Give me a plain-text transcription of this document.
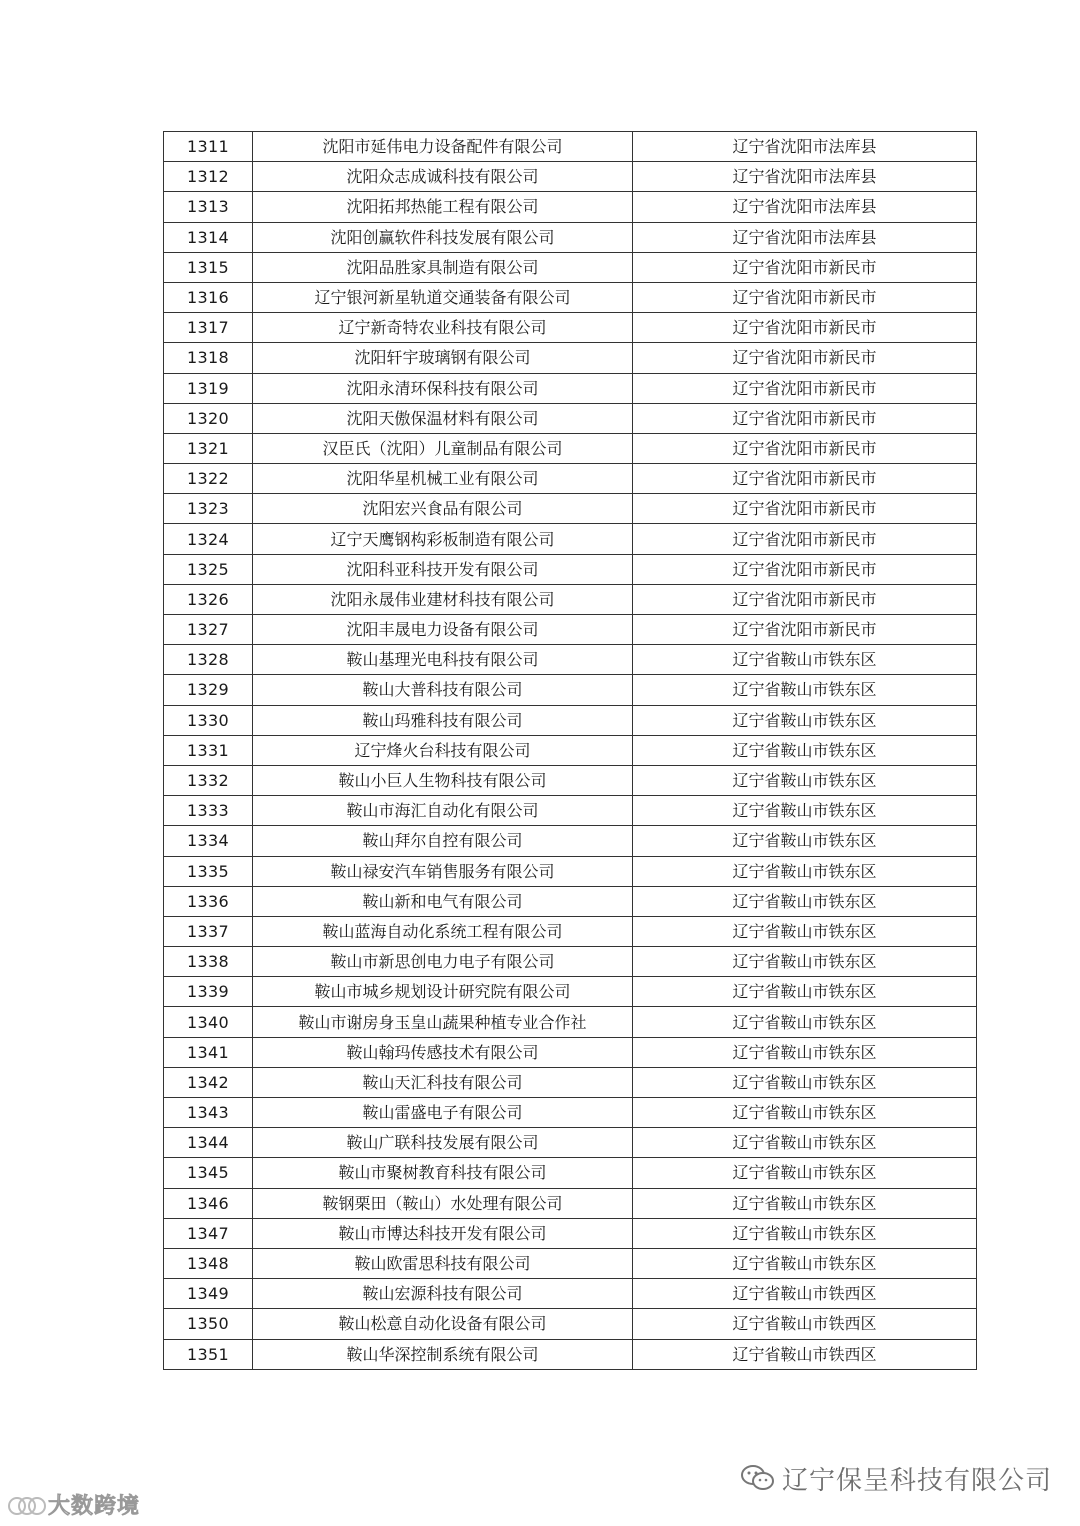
1311	沈阳市延伟电力设备配件有限公司	辽宁省沈阳市法库县
1312	沈阳众志成诚科技有限公司	辽宁省沈阳市法库县
1313	沈阳拓邦热能工程有限公司	辽宁省沈阳市法库县
1314	沈阳创赢软件科技发展有限公司	辽宁省沈阳市法库县
1315	沈阳品胜家具制造有限公司	辽宁省沈阳市新民市
1316	辽宁银河新星轨道交通装备有限公司	辽宁省沈阳市新民市
1317	辽宁新奇特农业科技有限公司	辽宁省沈阳市新民市
1318	沈阳轩宇玻璃钢有限公司	辽宁省沈阳市新民市
1319	沈阳永清环保科技有限公司	辽宁省沈阳市新民市
1320	沈阳天傲保温材料有限公司	辽宁省沈阳市新民市
1321	汉臣氏（沈阳）儿童制品有限公司	辽宁省沈阳市新民市
1322	沈阳华星机械工业有限公司	辽宁省沈阳市新民市
1323	沈阳宏兴食品有限公司	辽宁省沈阳市新民市
1324	辽宁天鹰钢构彩板制造有限公司	辽宁省沈阳市新民市
1325	沈阳科亚科技开发有限公司	辽宁省沈阳市新民市
1326	沈阳永晟伟业建材科技有限公司	辽宁省沈阳市新民市
1327	沈阳丰晟电力设备有限公司	辽宁省沈阳市新民市
1328	鞍山基理光电科技有限公司	辽宁省鞍山市铁东区
1329	鞍山大普科技有限公司	辽宁省鞍山市铁东区
1330	鞍山玛雅科技有限公司	辽宁省鞍山市铁东区
1331	辽宁烽火台科技有限公司	辽宁省鞍山市铁东区
1332	鞍山小巨人生物科技有限公司	辽宁省鞍山市铁东区
1333	鞍山市海汇自动化有限公司	辽宁省鞍山市铁东区
1334	鞍山拜尔自控有限公司	辽宁省鞍山市铁东区
1335	鞍山禄安汽车销售服务有限公司	辽宁省鞍山市铁东区
1336	鞍山新和电气有限公司	辽宁省鞍山市铁东区
1337	鞍山蓝海自动化系统工程有限公司	辽宁省鞍山市铁东区
1338	鞍山市新思创电力电子有限公司	辽宁省鞍山市铁东区
1339	鞍山市城乡规划设计研究院有限公司	辽宁省鞍山市铁东区
1340	鞍山市谢房身玉皇山蔬果种植专业合作社	辽宁省鞍山市铁东区
1341	鞍山翰玛传感技术有限公司	辽宁省鞍山市铁东区
1342	鞍山天汇科技有限公司	辽宁省鞍山市铁东区
1343	鞍山雷盛电子有限公司	辽宁省鞍山市铁东区
1344	鞍山广联科技发展有限公司	辽宁省鞍山市铁东区
1345	鞍山市聚树教育科技有限公司	辽宁省鞍山市铁东区
1346	鞍钢栗田（鞍山）水处理有限公司	辽宁省鞍山市铁东区
1347	鞍山市博达科技开发有限公司	辽宁省鞍山市铁东区
1348	鞍山欧雷思科技有限公司	辽宁省鞍山市铁东区
1349	鞍山宏源科技有限公司	辽宁省鞍山市铁西区
1350	鞍山松意自动化设备有限公司	辽宁省鞍山市铁西区
1351	鞍山华深控制系统有限公司	辽宁省鞍山市铁西区
大数跨境
辽宁保呈科技有限公司
